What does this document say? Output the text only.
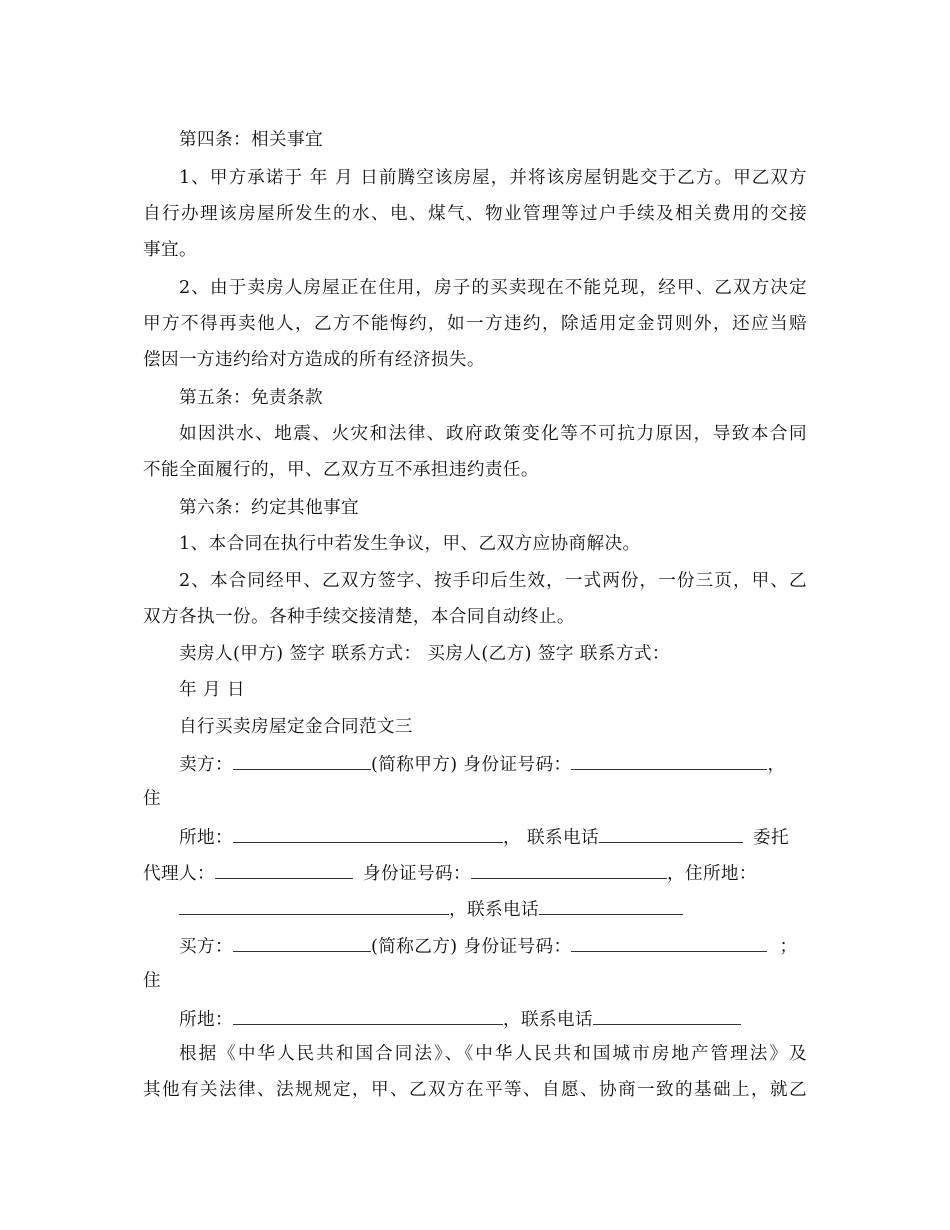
第四条：相关事宜
1、甲方承诺于 年 月 日前腾空该房屋，并将该房屋钥匙交于乙方。甲乙双方
自行办理该房屋所发生的水、电、煤气、物业管理等过户手续及相关费用的交接
事宜。
2、由于卖房人房屋正在住用，房子的买卖现在不能兑现，经甲、乙双方决定
甲方不得再卖他人，乙方不能悔约，如一方违约，除适用定金罚则外，还应当赔
偿因一方违约给对方造成的所有经济损失。
第五条：免责条款
如因洪水、地震、火灾和法律、政府政策变化等不可抗力原因，导致本合同
不能全面履行的，甲、乙双方互不承担违约责任。
第六条：约定其他事宜
1、本合同在执行中若发生争议，甲、乙双方应协商解决。
2、本合同经甲、乙双方签字、按手印后生效，一式两份，一份三页，甲、乙
双方各执一份。各种手续交接清楚，本合同自动终止。
卖房人(甲方) 签字 联系方式： 买房人(乙方) 签字 联系方式：
年 月 日
自行买卖房屋定金合同范文三
卖方：	(简称甲方) 身份证号码：	，
住
所地：	， 联系电话	委托
代理人：	身份证号码：	，住所地：
，联系电话
买方：	(简称乙方) 身份证号码：	；
住
所地：	，联系电话
根据《中华人民共和国合同法》、《中华人民共和国城市房地产管理法》及
其他有关法律、法规规定，甲、乙双方在平等、自愿、协商一致的基础上，就乙
